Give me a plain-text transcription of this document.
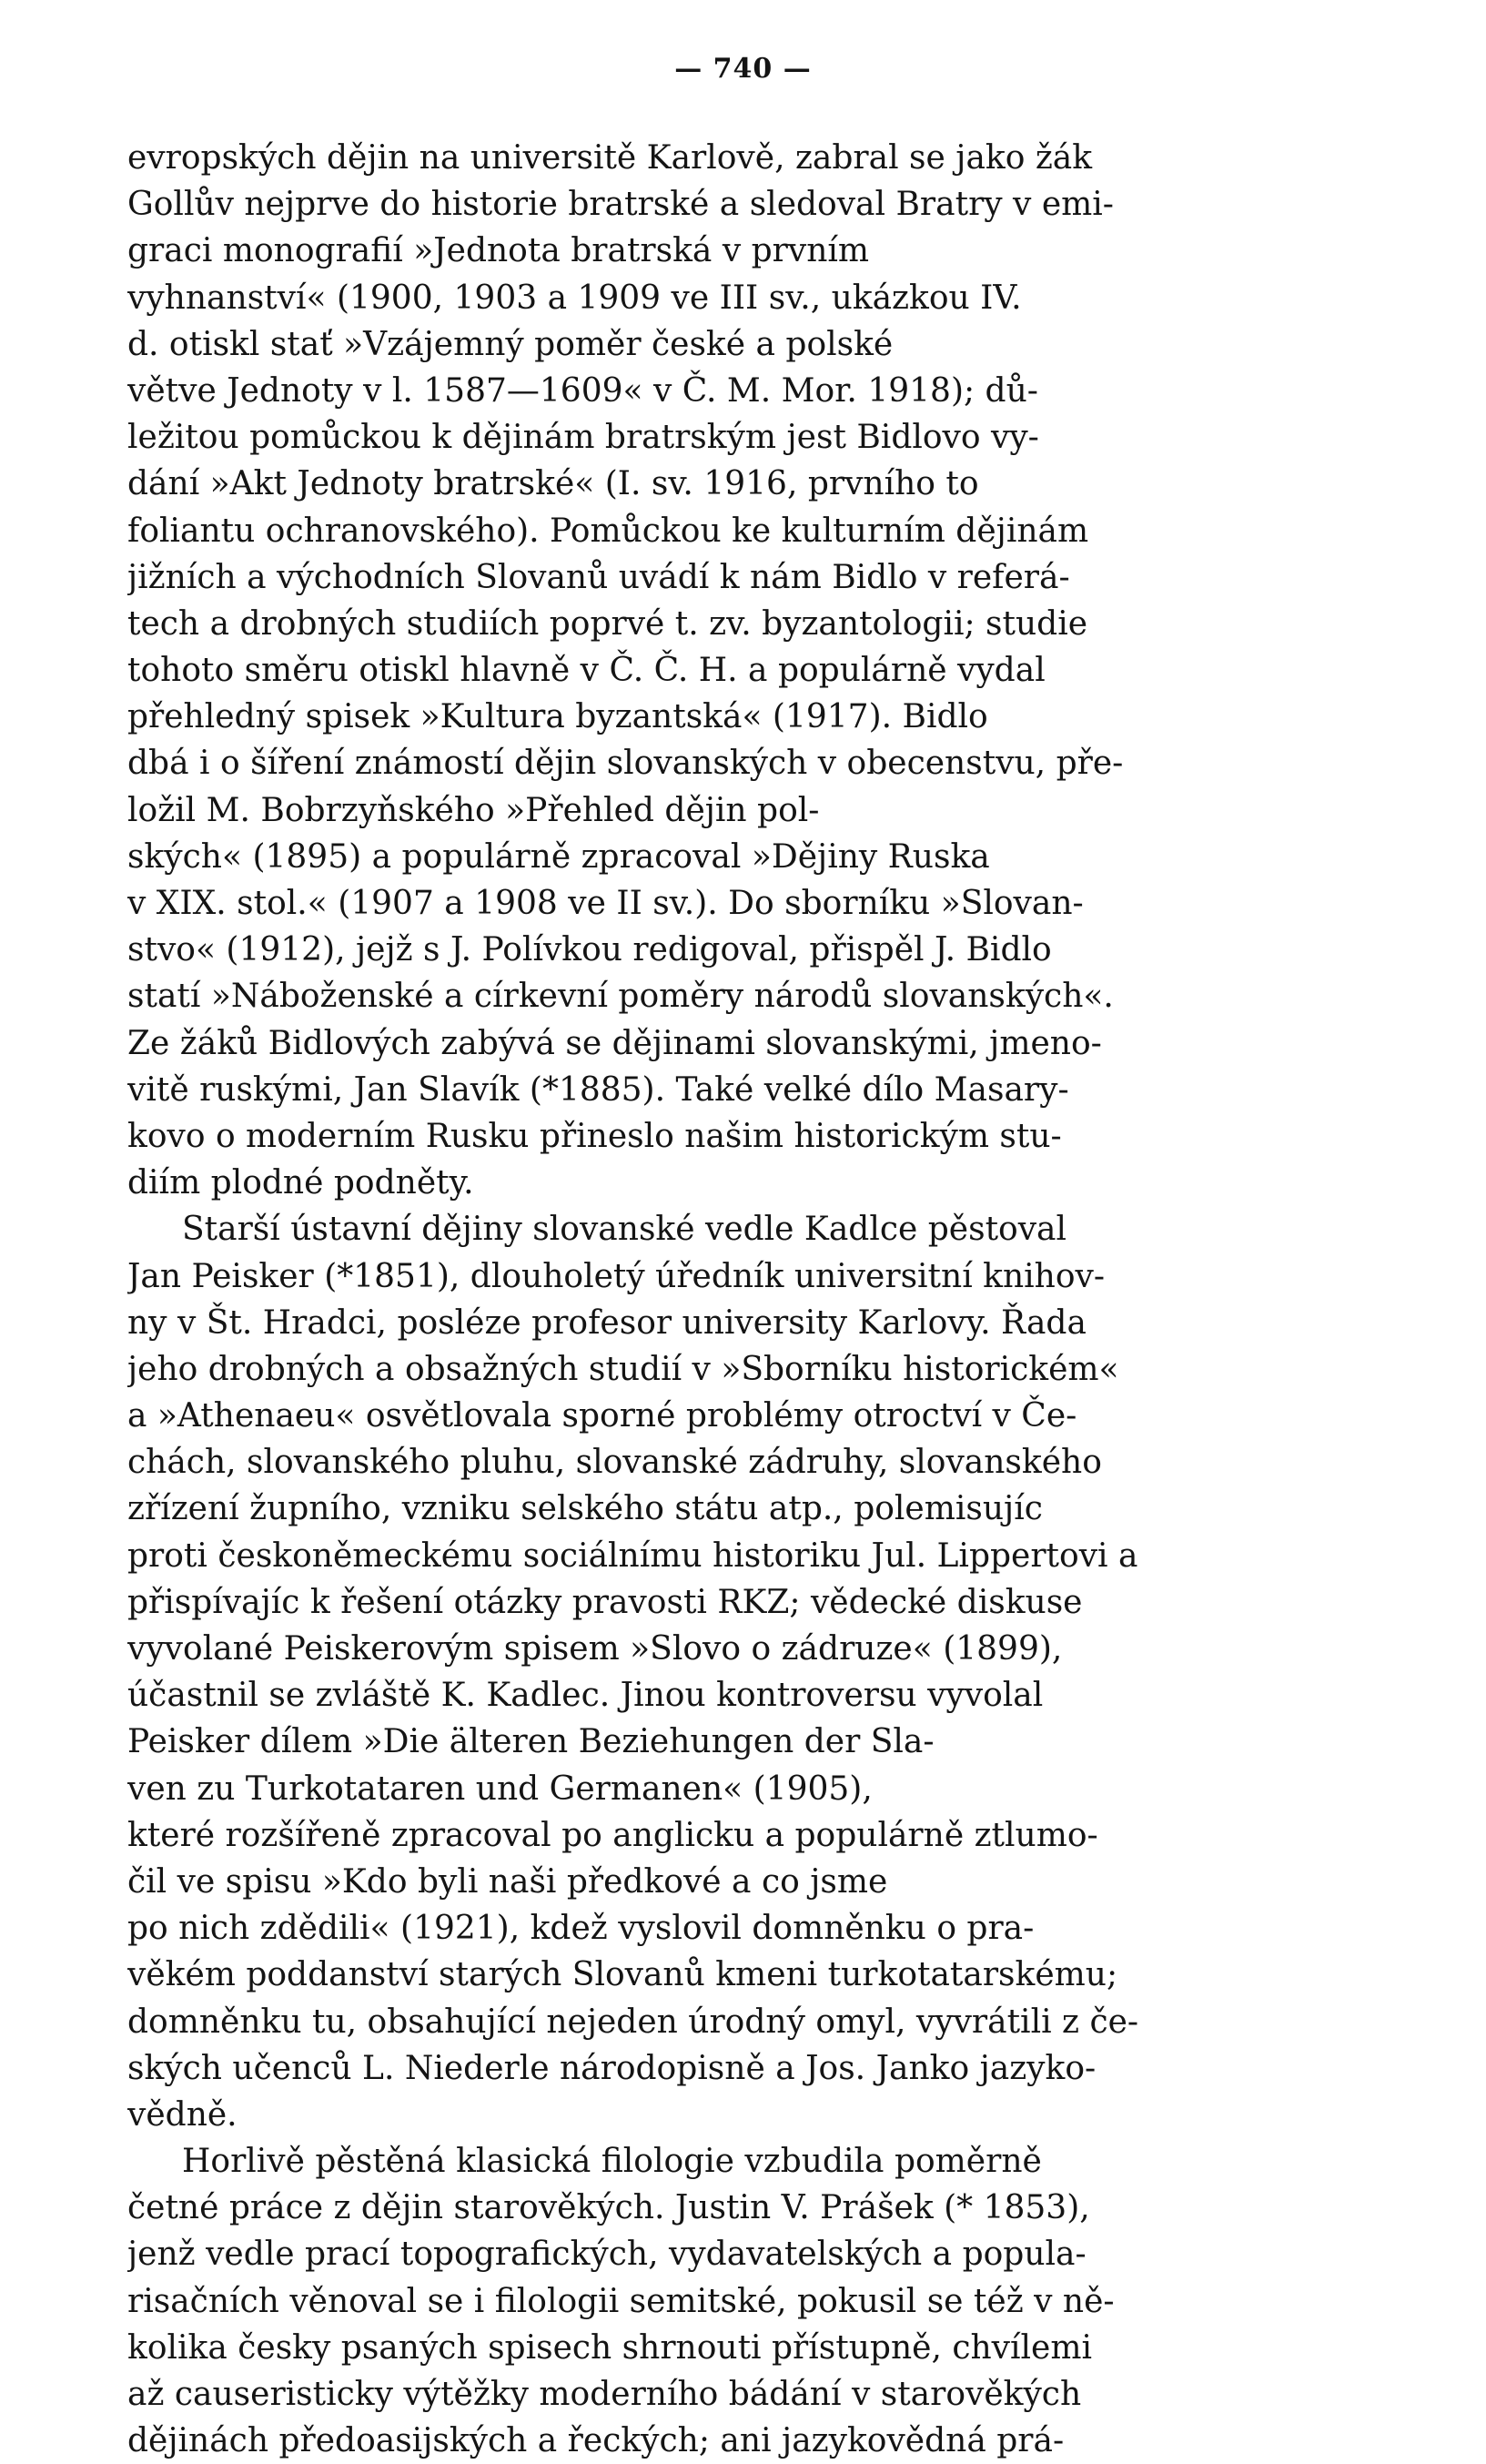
— 740 —

evropských dějin na universitě Karlově, zabral se jako žák
Gollův nejprve do historie bratrské a sledoval Bratry v emi-
graci monografií »Jednota bratrská v prvním
vyhnanství« (1900, 1903 a 1909 ve III sv., ukázkou IV.
d. otiskl stať »Vzájemný poměr české a polské
větve Jednoty v l. 1587—1609« v Č. M. Mor. 1918); dů-
ležitou pomůckou k dějinám bratrským jest Bidlovo vy-
dání »Akt Jednoty bratrské« (I. sv. 1916, prvního to
foliantu ochranovského). Pomůckou ke kulturním dějinám
jižních a východních Slovanů uvádí k nám Bidlo v referá-
tech a drobných studiích poprvé t. zv. byzantologii; studie
tohoto směru otiskl hlavně v Č. Č. H. a populárně vydal
přehledný spisek »Kultura byzantská« (1917). Bidlo
dbá i o šíření známostí dějin slovanských v obecenstvu, pře-
ložil M. Bobrzyňského »Přehled dějin pol-
ských« (1895) a populárně zpracoval »Dějiny Ruska
v XIX. stol.« (1907 a 1908 ve II sv.). Do sborníku »Slovan-
stvo« (1912), jejž s J. Polívkou redigoval, přispěl J. Bidlo
statí »Náboženské a církevní poměry národů slovanských«.
Ze žáků Bidlových zabývá se dějinami slovanskými, jmeno-
vitě ruskými, Jan Slavík (*1885). Také velké dílo Masary-
kovo o moderním Rusku přineslo našim historickým stu-
diím plodné podněty.

Starší ústavní dějiny slovanské vedle Kadlce pěstoval
Jan Peisker (*1851), dlouholetý úředník universitní knihov-
ny v Št. Hradci, posléze profesor university Karlovy. Řada
jeho drobných a obsažných studií v »Sborníku historickém«
a »Athenaeu« osvětlovala sporné problémy otroctví v Če-
chách, slovanského pluhu, slovanské zádruhy, slovanského
zřízení župního, vzniku selského státu atp., polemisujíc
proti českoněmeckému sociálnímu historiku Jul. Lippertovi a
přispívajíc k řešení otázky pravosti RKZ; vědecké diskuse
vyvolané Peiskerovým spisem »Slovo o zádruze« (1899),
účastnil se zvláště K. Kadlec. Jinou kontroversu vyvolal
Peisker dílem »Die älteren Beziehungen der Sla-
ven zu Turkotataren und Germanen« (1905),
které rozšířeně zpracoval po anglicku a populárně ztlumo-
čil ve spisu »Kdo byli naši předkové a co jsme
po nich zdědili« (1921), kdež vyslovil domněnku o pra-
věkém poddanství starých Slovanů kmeni turkotatarskému;
domněnku tu, obsahující nejeden úrodný omyl, vyvrátili z če-
ských učenců L. Niederle národopisně a Jos. Janko jazyko-
vědně.

Horlivě pěstěná klasická filologie vzbudila poměrně
četné práce z dějin starověkých. Justin V. Prášek (* 1853),
jenž vedle prací topografických, vydavatelských a popula-
risačních věnoval se i filologii semitské, pokusil se též v ně-
kolika česky psaných spisech shrnouti přístupně, chvílemi
až causeristicky výtěžky moderního bádání v starověkých
dějinách předoasijských a řeckých; ani jazykovědná prá-
